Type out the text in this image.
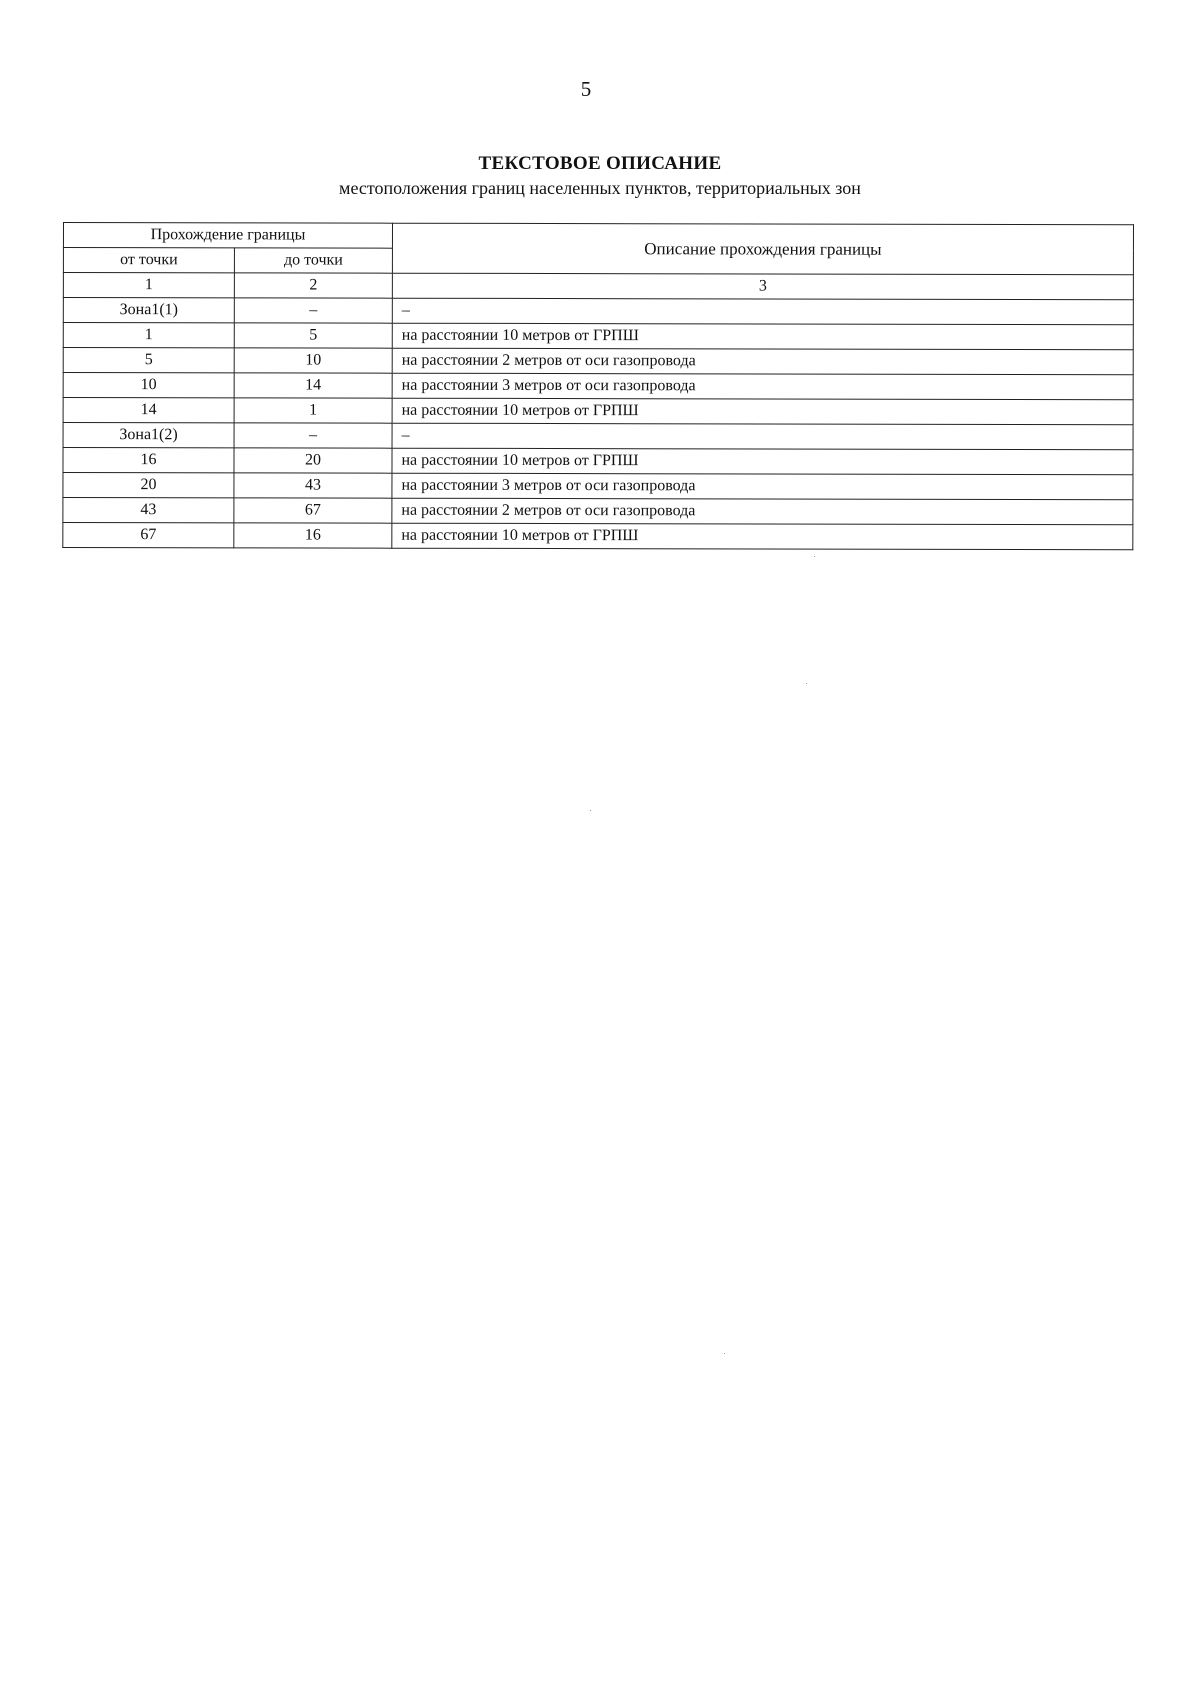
5
ТЕКСТОВОЕ ОПИСАНИЕ
местоположения границ населенных пунктов, территориальных зон
Прохождение границы		Описание прохождения границы
от точки	до точки	
1	2	3
Зона1(1)	–	–
1	5	на расстоянии 10 метров от ГРПШ
5	10	на расстоянии 2 метров от оси газопровода
10	14	на расстоянии 3 метров от оси газопровода
14	1	на расстоянии 10 метров от ГРПШ
Зона1(2)	–	–
16	20	на расстоянии 10 метров от ГРПШ
20	43	на расстоянии 3 метров от оси газопровода
43	67	на расстоянии 2 метров от оси газопровода
67	16	на расстоянии 10 метров от ГРПШ
